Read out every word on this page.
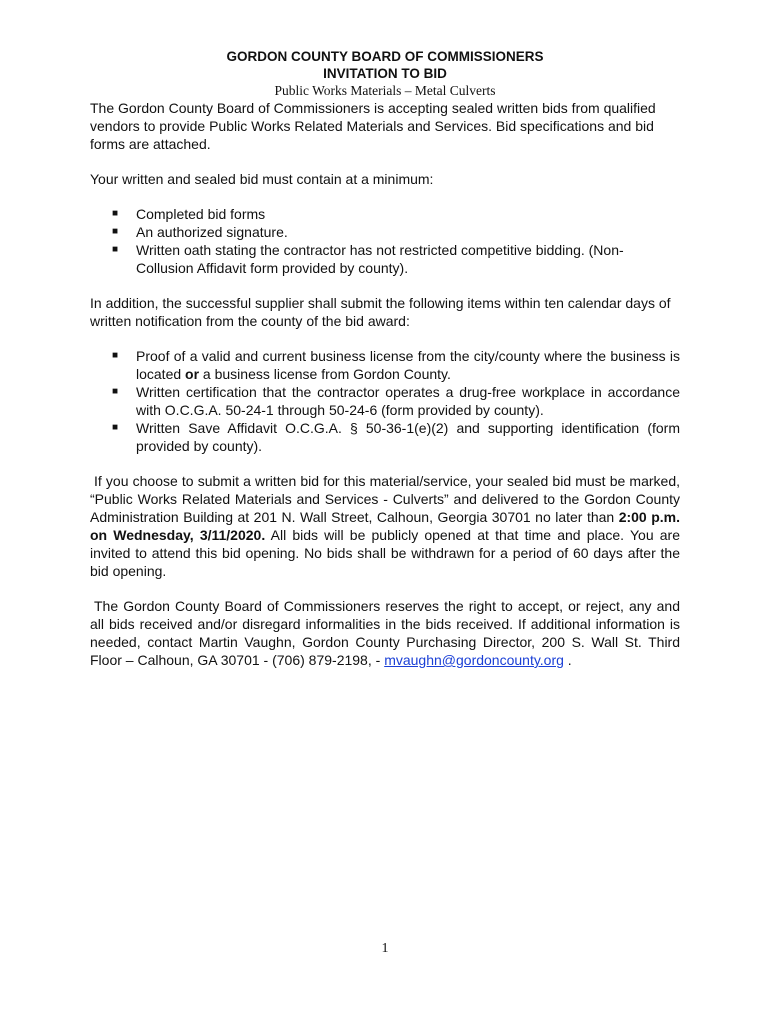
GORDON COUNTY BOARD OF COMMISSIONERS
INVITATION TO BID
Public Works Materials – Metal Culverts

The Gordon County Board of Commissioners is accepting sealed written bids from qualified vendors to provide Public Works Related Materials and Services. Bid specifications and bid forms are attached.

Your written and sealed bid must contain at a minimum:

■ Completed bid forms
■ An authorized signature.
■ Written oath stating the contractor has not restricted competitive bidding. (Non-Collusion Affidavit form provided by county).

In addition, the successful supplier shall submit the following items within ten calendar days of written notification from the county of the bid award:

■ Proof of a valid and current business license from the city/county where the business is located or a business license from Gordon County.
■ Written certification that the contractor operates a drug-free workplace in accordance with O.C.G.A. 50-24-1 through 50-24-6 (form provided by county).
■ Written Save Affidavit O.C.G.A. § 50-36-1(e)(2) and supporting identification (form provided by county).

If you choose to submit a written bid for this material/service, your sealed bid must be marked, “Public Works Related Materials and Services - Culverts” and delivered to the Gordon County Administration Building at 201 N. Wall Street, Calhoun, Georgia 30701 no later than 2:00 p.m. on Wednesday, 3/11/2020. All bids will be publicly opened at that time and place. You are invited to attend this bid opening. No bids shall be withdrawn for a period of 60 days after the bid opening.

The Gordon County Board of Commissioners reserves the right to accept, or reject, any and all bids received and/or disregard informalities in the bids received. If additional information is needed, contact Martin Vaughn, Gordon County Purchasing Director, 200 S. Wall St. Third Floor – Calhoun, GA 30701 - (706) 879-2198, - mvaughn@gordoncounty.org .

1
